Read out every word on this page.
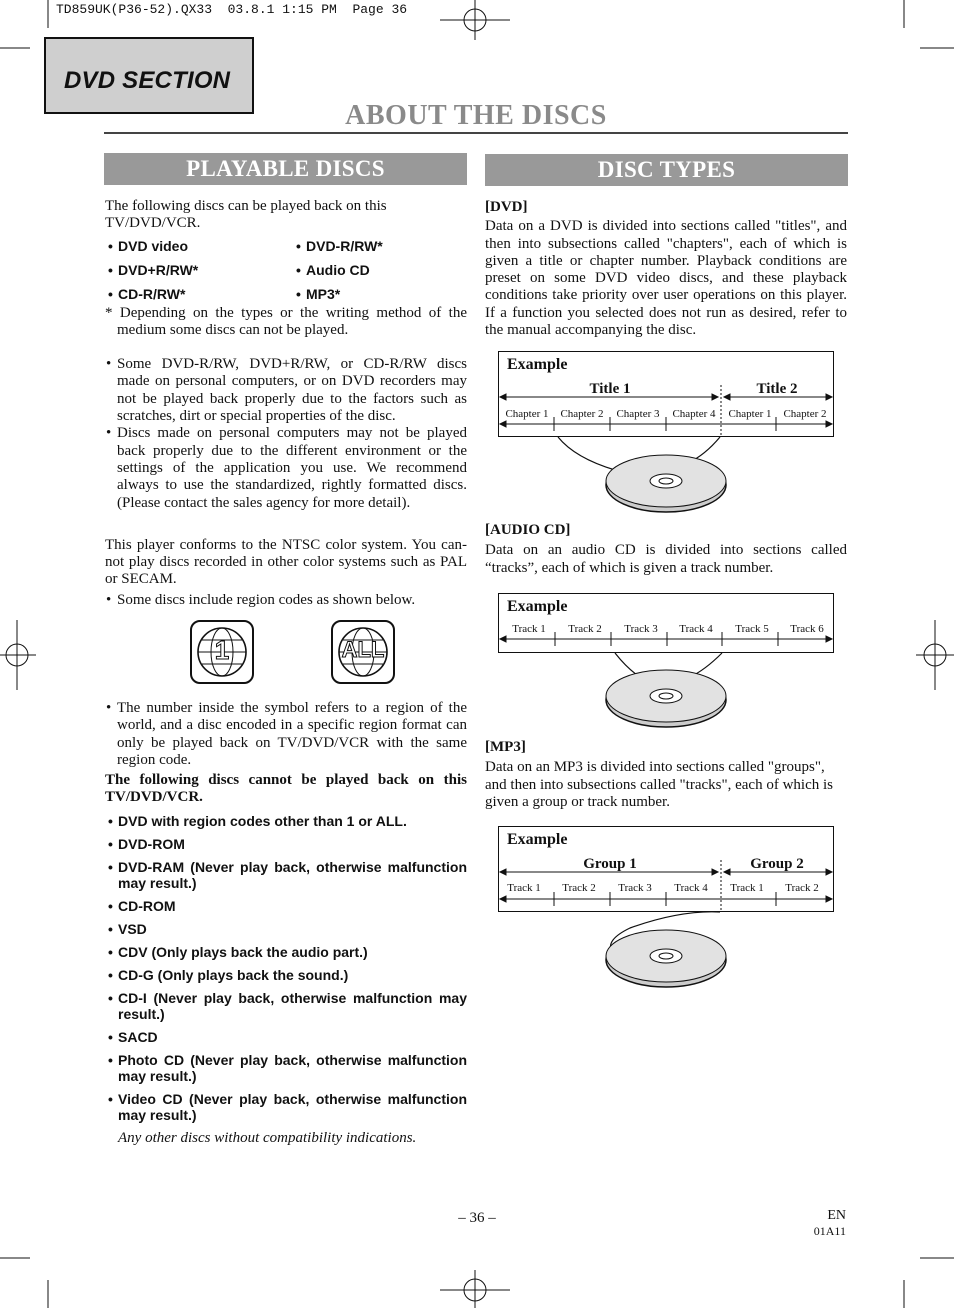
TD859UK(P36-52).QX33  03.8.1 1:15 PM  Page 36
DVD SECTION
ABOUT THE DISCS
PLAYABLE DISCS

The following discs can be played back on this TV/DVD/VCR.

• DVD video	• DVD-R/RW*
• DVD+R/RW*	• Audio CD
• CD-R/RW*	• MP3*

* Depending on the types or the writing method of the medium some discs can not be played.

• Some DVD-R/RW, DVD+R/RW, or CD-R/RW discs made on personal computers, or on DVD recorders may not be played back properly due to the factors such as scratches, dirt or special properties of the disc.

• Discs made on personal computers may not be played back properly due to the different environment or the settings of the application you use. We recommend always to use the standardized, rightly formatted discs. (Please contact the sales agency for more detail).

This player conforms to the NTSC color system. You can-not play discs recorded in other color systems such as PAL or SECAM.

• Some discs include region codes as shown below.

1	ALL

• The number inside the symbol refers to a region of the world, and a disc encoded in a specific region format can only be played back on TV/DVD/VCR with the same region code.

The following discs cannot be played back on this TV/DVD/VCR.

• DVD with region codes other than 1 or ALL.
• DVD-ROM
• DVD-RAM (Never play back, otherwise malfunction may result.)
• CD-ROM
• VSD
• CDV (Only plays back the audio part.)
• CD-G (Only plays back the sound.)
• CD-I (Never play back, otherwise malfunction may result.)
• SACD
• Photo CD (Never play back, otherwise malfunction may result.)
• Video CD (Never play back, otherwise malfunction may result.)

Any other discs without compatibility indications.

DISC TYPES

[DVD]

Data on a DVD is divided into sections called "titles", and then into subsections called "chapters", each of which is given a title or chapter number. Playback conditions are preset on some DVD video discs, and these playback conditions take priority over user operations on this player. If a function you selected does not run as desired, refer to the manual accompanying the disc.

Example
Title 1	Title 2
Chapter 1 Chapter 2 Chapter 3 Chapter 4 Chapter 1 Chapter 2

[AUDIO CD]

Data on an audio CD is divided into sections called “tracks”, each of which is given a track number.

Example
Track 1 Track 2 Track 3 Track 4 Track 5 Track 6

[MP3]

Data on an MP3 is divided into sections called "groups", and then into subsections called "tracks", each of which is given a group or track number.

Example
Group 1	Group 2
Track 1 Track 2 Track 3 Track 4 Track 1 Track 2
– 36 –	EN
01A11
